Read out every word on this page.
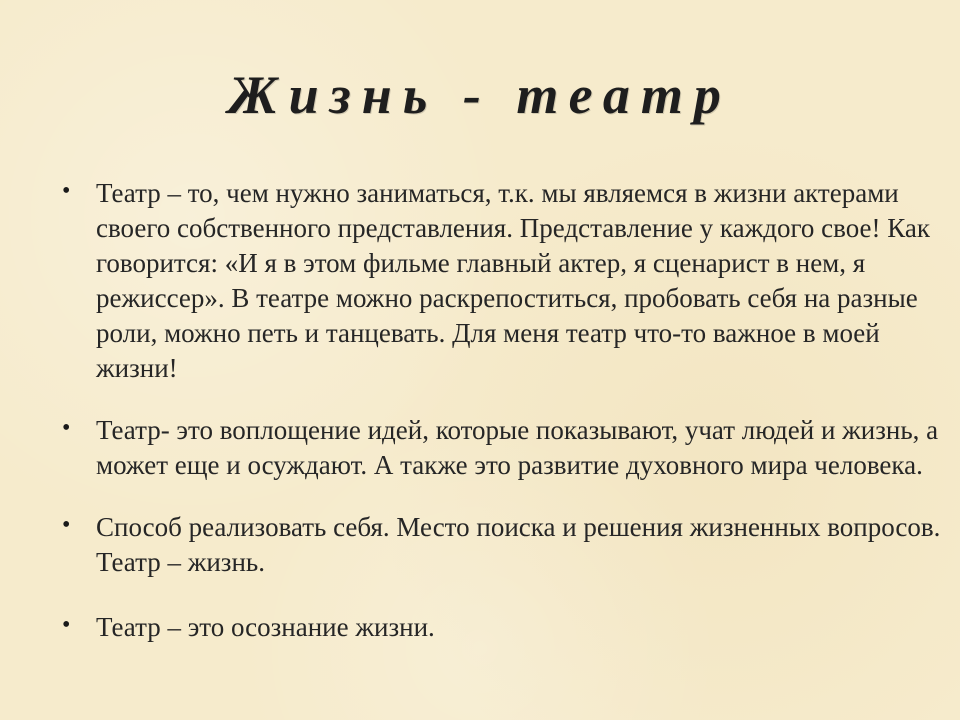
Жизнь - театр
• Театр – то, чем нужно заниматься, т.к. мы являемся в жизни актерами своего собственного представления. Представление у каждого свое! Как говорится: «И я в этом фильме главный актер, я сценарист в нем, я режиссер». В театре можно раскрепоститься, пробовать себя на разные роли, можно петь и танцевать. Для меня театр что-то важное в моей жизни!
• Театр- это воплощение идей, которые показывают, учат людей и жизнь, а может еще и осуждают. А также это развитие духовного мира человека.
• Способ реализовать себя. Место поиска и решения жизненных вопросов. Театр – жизнь.
• Театр – это осознание жизни.
